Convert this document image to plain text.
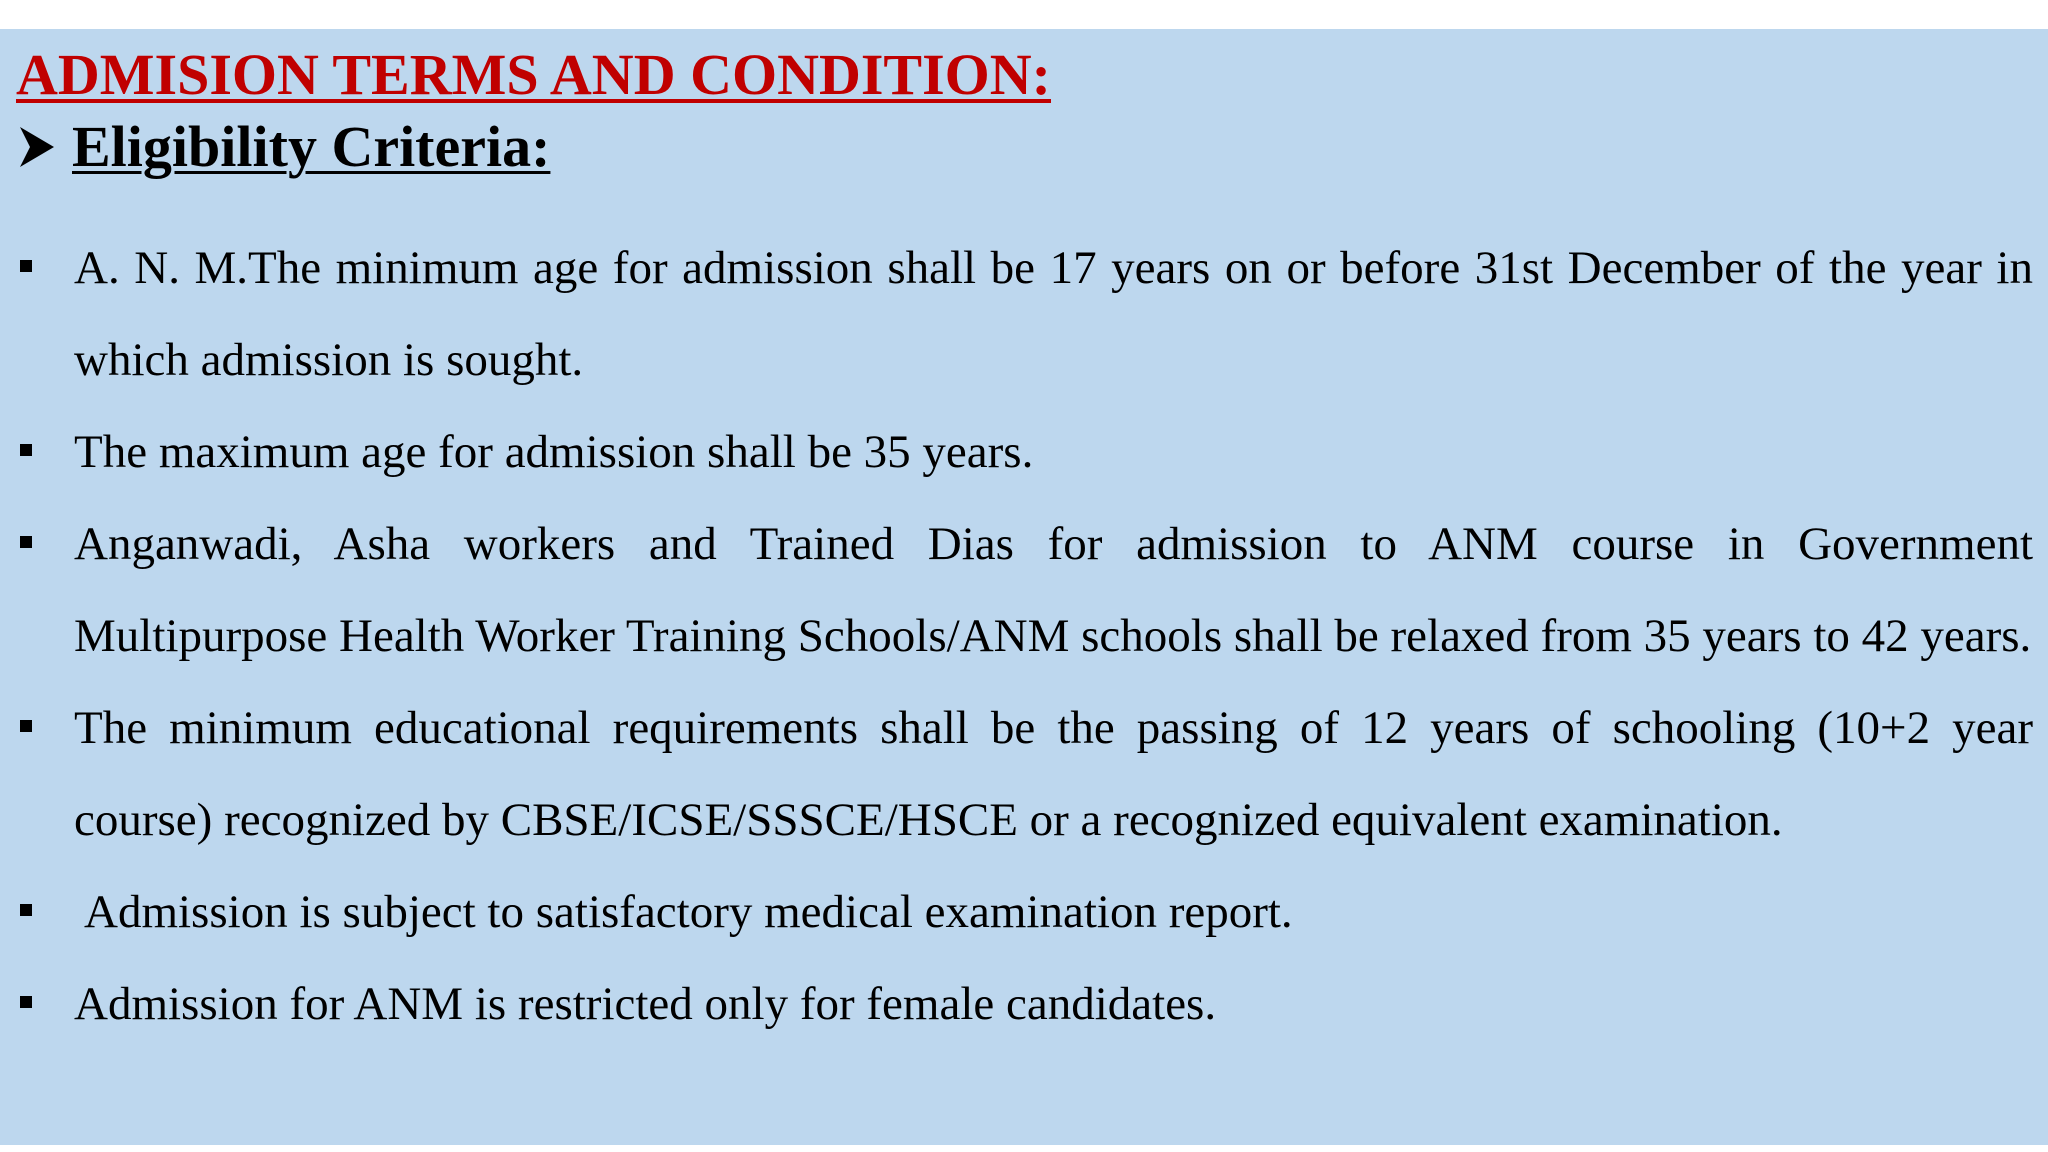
ADMISION TERMS AND CONDITION:
Eligibility Criteria:
A. N. M.The minimum age for admission shall be 17 years on or before 31st December of the year in which admission is sought.
The maximum age for admission shall be 35 years.
Anganwadi, Asha workers and Trained Dias for admission to ANM course in Government Multipurpose Health Worker Training Schools/ANM schools shall be relaxed from 35 years to 42 years.
The minimum educational requirements shall be the passing of 12 years of schooling (10+2 year course) recognized by CBSE/ICSE/SSSCE/HSCE or a recognized equivalent examination.
Admission is subject to satisfactory medical examination report.
Admission for ANM is restricted only for female candidates.
